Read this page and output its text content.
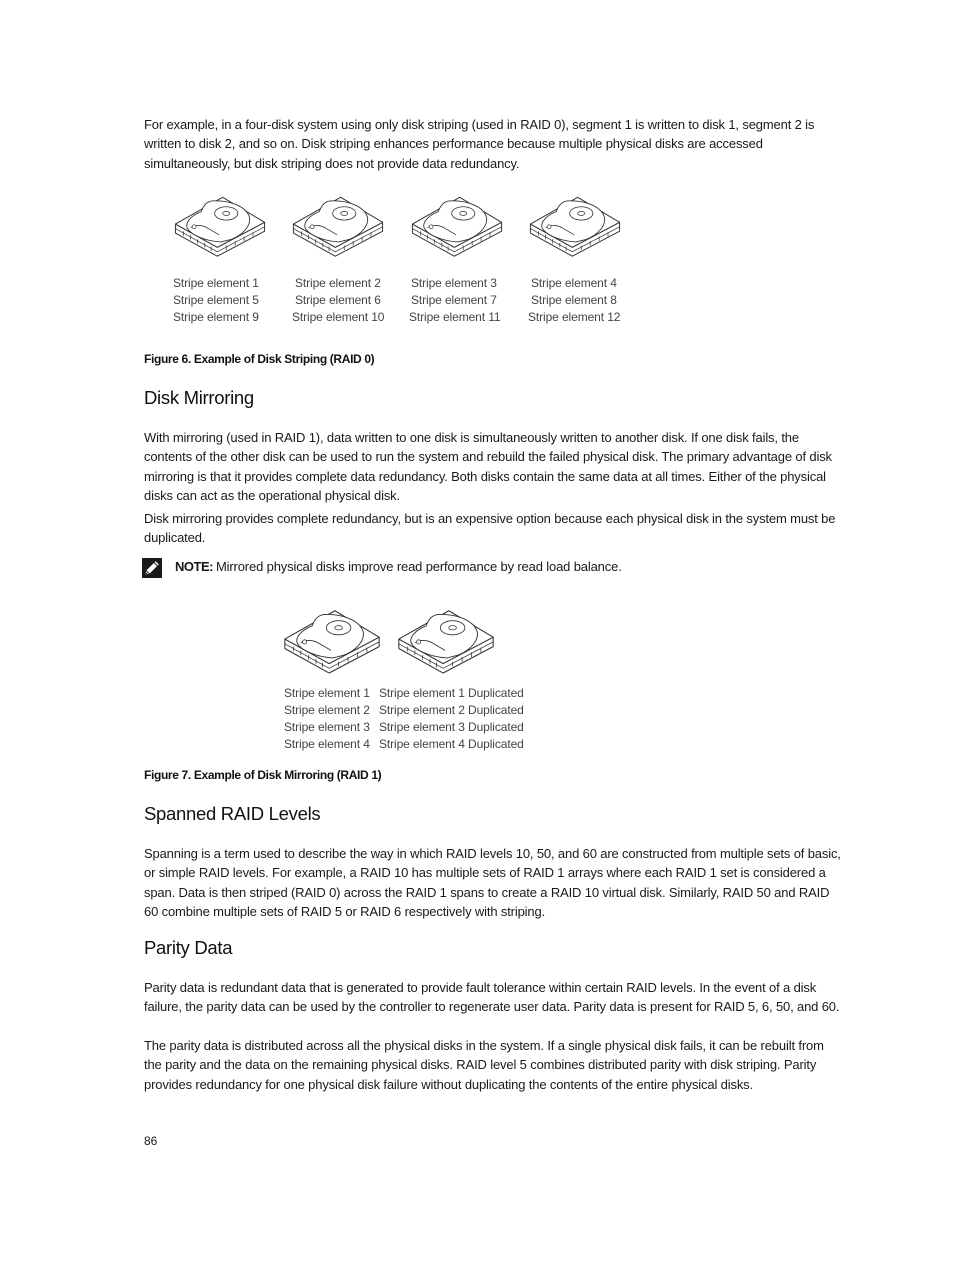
For example, in a four-disk system using only disk striping (used in RAID 0), segment 1 is written to disk 1, segment 2 is written to disk 2, and so on. Disk striping enhances performance because multiple physical disks are accessed simultaneously, but disk striping does not provide data redundancy.

Stripe element 1
Stripe element 5
Stripe element 9
Stripe element 2
Stripe element 6
Stripe element 10
Stripe element 3
Stripe element 7
Stripe element 11
Stripe element 4
Stripe element 8
Stripe element 12

Figure 6. Example of Disk Striping (RAID 0)

Disk Mirroring

With mirroring (used in RAID 1), data written to one disk is simultaneously written to another disk. If one disk fails, the contents of the other disk can be used to run the system and rebuild the failed physical disk. The primary advantage of disk mirroring is that it provides complete data redundancy. Both disks contain the same data at all times. Either of the physical disks can act as the operational physical disk.

Disk mirroring provides complete redundancy, but is an expensive option because each physical disk in the system must be duplicated.

NOTE: Mirrored physical disks improve read performance by read load balance.
Stripe element 1
Stripe element 2
Stripe element 3
Stripe element 4
Stripe element 1 Duplicated
Stripe element 2 Duplicated
Stripe element 3 Duplicated
Stripe element 4 Duplicated

Figure 7. Example of Disk Mirroring (RAID 1)

Spanned RAID Levels

Spanning is a term used to describe the way in which RAID levels 10, 50, and 60 are constructed from multiple sets of basic, or simple RAID levels. For example, a RAID 10 has multiple sets of RAID 1 arrays where each RAID 1 set is considered a span. Data is then striped (RAID 0) across the RAID 1 spans to create a RAID 10 virtual disk. Similarly, RAID 50 and RAID 60 combine multiple sets of RAID 5 or RAID 6 respectively with striping.

Parity Data

Parity data is redundant data that is generated to provide fault tolerance within certain RAID levels. In the event of a disk failure, the parity data can be used by the controller to regenerate user data. Parity data is present for RAID 5, 6, 50, and 60.

The parity data is distributed across all the physical disks in the system. If a single physical disk fails, it can be rebuilt from the parity and the data on the remaining physical disks. RAID level 5 combines distributed parity with disk striping. Parity provides redundancy for one physical disk failure without duplicating the contents of the entire physical disks.

86
